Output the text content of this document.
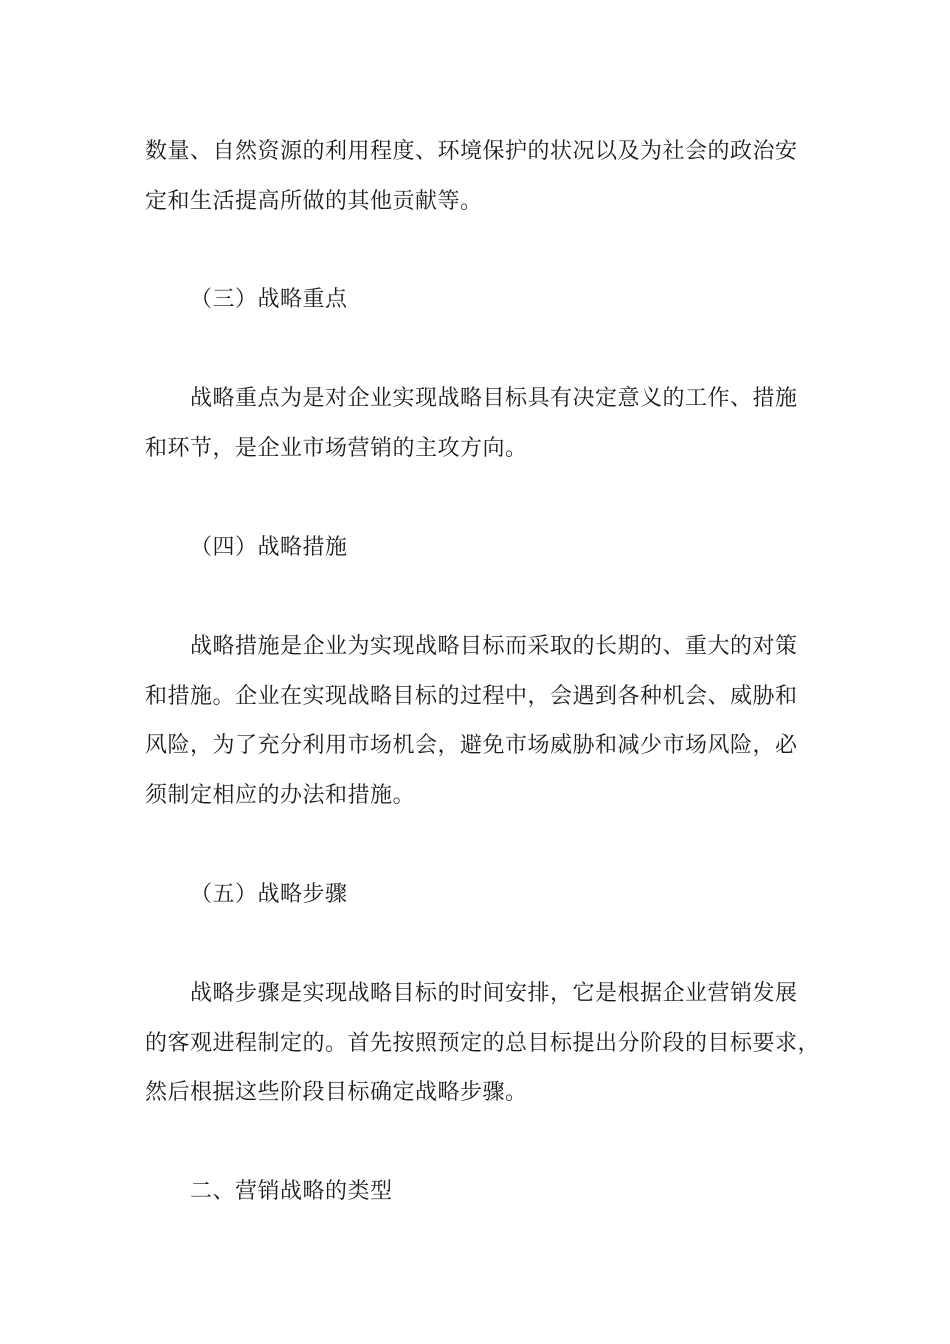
数量、自然资源的利用程度、环境保护的状况以及为社会的政治安
定和生活提高所做的其他贡献等。
（三）战略重点
战略重点为是对企业实现战略目标具有决定意义的工作、措施
和环节，是企业市场营销的主攻方向。
（四）战略措施
战略措施是企业为实现战略目标而采取的长期的、重大的对策
和措施。企业在实现战略目标的过程中，会遇到各种机会、威胁和
风险，为了充分利用市场机会，避免市场威胁和减少市场风险，必
须制定相应的办法和措施。
（五）战略步骤
战略步骤是实现战略目标的时间安排，它是根据企业营销发展
的客观进程制定的。首先按照预定的总目标提出分阶段的目标要求，
然后根据这些阶段目标确定战略步骤。
二、营销战略的类型
